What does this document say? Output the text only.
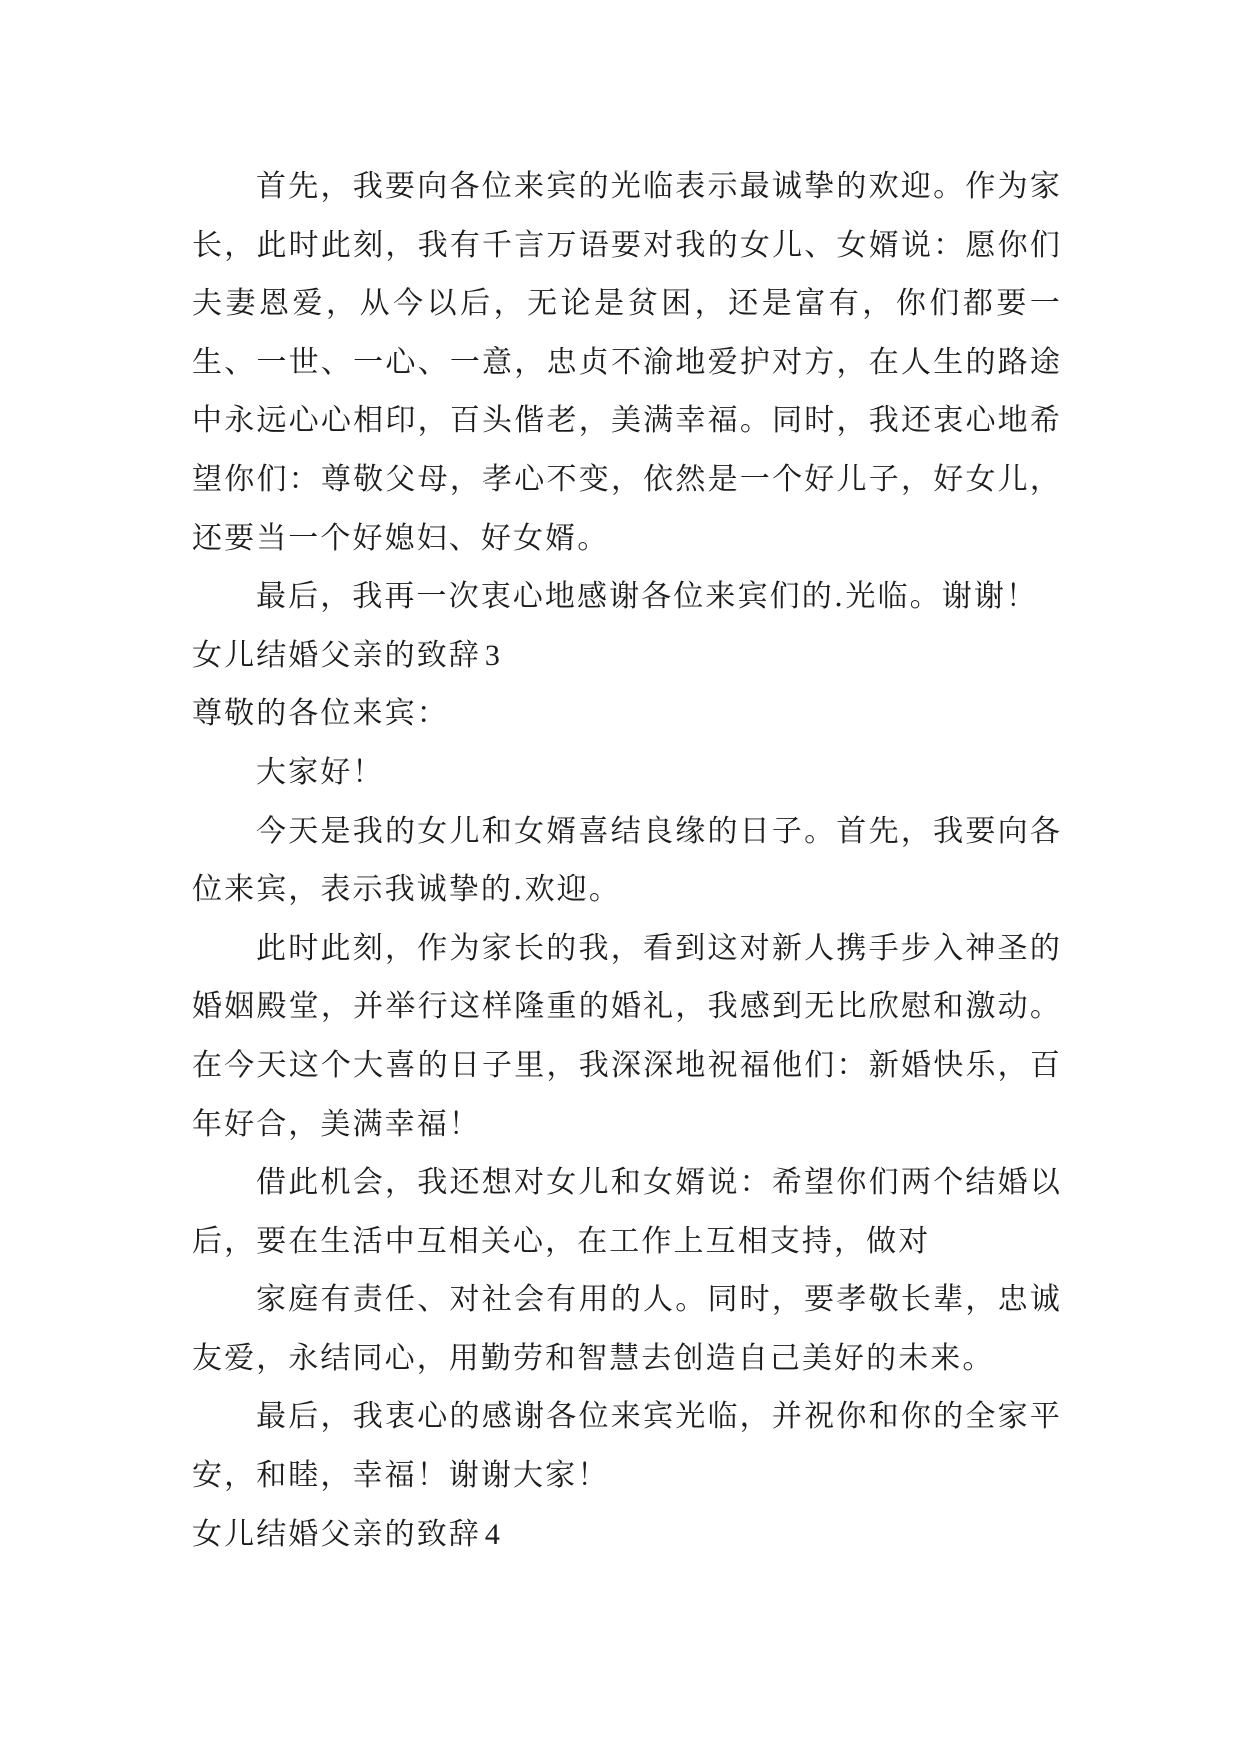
首先，我要向各位来宾的光临表示最诚挚的欢迎。作为家长，此时此刻，我有千言万语要对我的女儿、女婿说：愿你们夫妻恩爱，从今以后，无论是贫困，还是富有，你们都要一生、一世、一心、一意，忠贞不渝地爱护对方，在人生的路途中永远心心相印，百头偕老，美满幸福。同时，我还衷心地希望你们：尊敬父母，孝心不变，依然是一个好儿子，好女儿，还要当一个好媳妇、好女婿。

最后，我再一次衷心地感谢各位来宾们的.光临。谢谢！

女儿结婚父亲的致辞 3

尊敬的各位来宾：

大家好！

今天是我的女儿和女婿喜结良缘的日子。首先，我要向各位来宾，表示我诚挚的.欢迎。

此时此刻，作为家长的我，看到这对新人携手步入神圣的婚姻殿堂，并举行这样隆重的婚礼，我感到无比欣慰和激动。在今天这个大喜的日子里，我深深地祝福他们：新婚快乐，百年好合，美满幸福！

借此机会，我还想对女儿和女婿说：希望你们两个结婚以后，要在生活中互相关心，在工作上互相支持，做对

家庭有责任、对社会有用的人。同时，要孝敬长辈，忠诚友爱，永结同心，用勤劳和智慧去创造自己美好的未来。

最后，我衷心的感谢各位来宾光临，并祝你和你的全家平安，和睦，幸福！谢谢大家！

女儿结婚父亲的致辞 4
